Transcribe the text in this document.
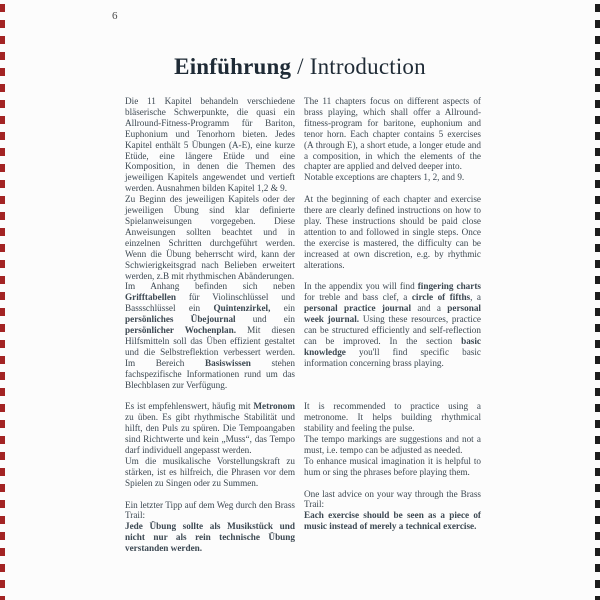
6
Einführung / Introduction

Die 11 Kapitel behandeln verschiedene bläserische Schwerpunkte, die quasi ein Allround-Fitness-Programm für Bariton, Euphonium und Tenorhorn bieten. Jedes Kapitel enthält 5 Übungen (A-E), eine kurze Etüde, eine längere Etüde und eine Komposition, in denen die Themen des jeweiligen Kapitels angewendet und vertieft werden. Ausnahmen bilden Kapitel 1,2 & 9.

Zu Beginn des jeweiligen Kapitels oder der jeweiligen Übung sind klar definierte Spielanweisungen vorgegeben. Diese Anweisungen sollten beachtet und in einzelnen Schritten durchgeführt werden. Wenn die Übung beherrscht wird, kann der Schwierigkeitsgrad nach Belieben erweitert werden, z.B mit rhythmischen Abänderungen.

Im Anhang befinden sich neben Grifftabellen für Violinschlüssel und Bassschlüssel ein Quintenzirkel, ein persönliches Übejournal und ein persönlicher Wochenplan. Mit diesen Hilfsmitteln soll das Üben effizient gestaltet und die Selbstreflektion verbessert werden. Im Bereich Basiswissen stehen fachspezifische Informationen rund um das Blechblasen zur Verfügung.

Es ist empfehlenswert, häufig mit Metronom zu üben. Es gibt rhythmische Stabilität und hilft, den Puls zu spüren. Die Tempoangaben sind Richtwerte und kein „Muss“, das Tempo darf individuell angepasst werden.

Um die musikalische Vorstellungskraft zu stärken, ist es hilfreich, die Phrasen vor dem Spielen zu Singen oder zu Summen.

Ein letzter Tipp auf dem Weg durch den Brass Trail:

Jede Übung sollte als Musikstück und nicht nur als rein technische Übung verstanden werden.

The 11 chapters focus on different aspects of brass playing, which shall offer a Allround-fitness-program for baritone, euphonium and tenor horn. Each chapter contains 5 exercises (A through E), a short etude, a longer etude and a composition, in which the elements of the chapter are applied and delved deeper into.

Notable exceptions are chapters 1, 2, and 9.

At the beginning of each chapter and exercise there are clearly defined instructions on how to play. These instructions should be paid close attention to and followed in single steps. Once the exercise is mastered, the difficulty can be increased at own discretion, e.g. by rhythmic alterations.

In the appendix you will find fingering charts for treble and bass clef, a circle of fifths, a personal practice journal and a personal week journal. Using these resources, practice can be structured efficiently and self-reflection can be improved. In the section basic knowledge you'll find specific basic information concerning brass playing.

It is recommended to practice using a metronome. It helps building rhythmical stability and feeling the pulse.

The tempo markings are suggestions and not a must, i.e. tempo can be adjusted as needed.

To enhance musical imagination it is helpful to hum or sing the phrases before playing them.

One last advice on your way through the Brass Trail:

Each exercise should be seen as a piece of music instead of merely a technical exercise.
